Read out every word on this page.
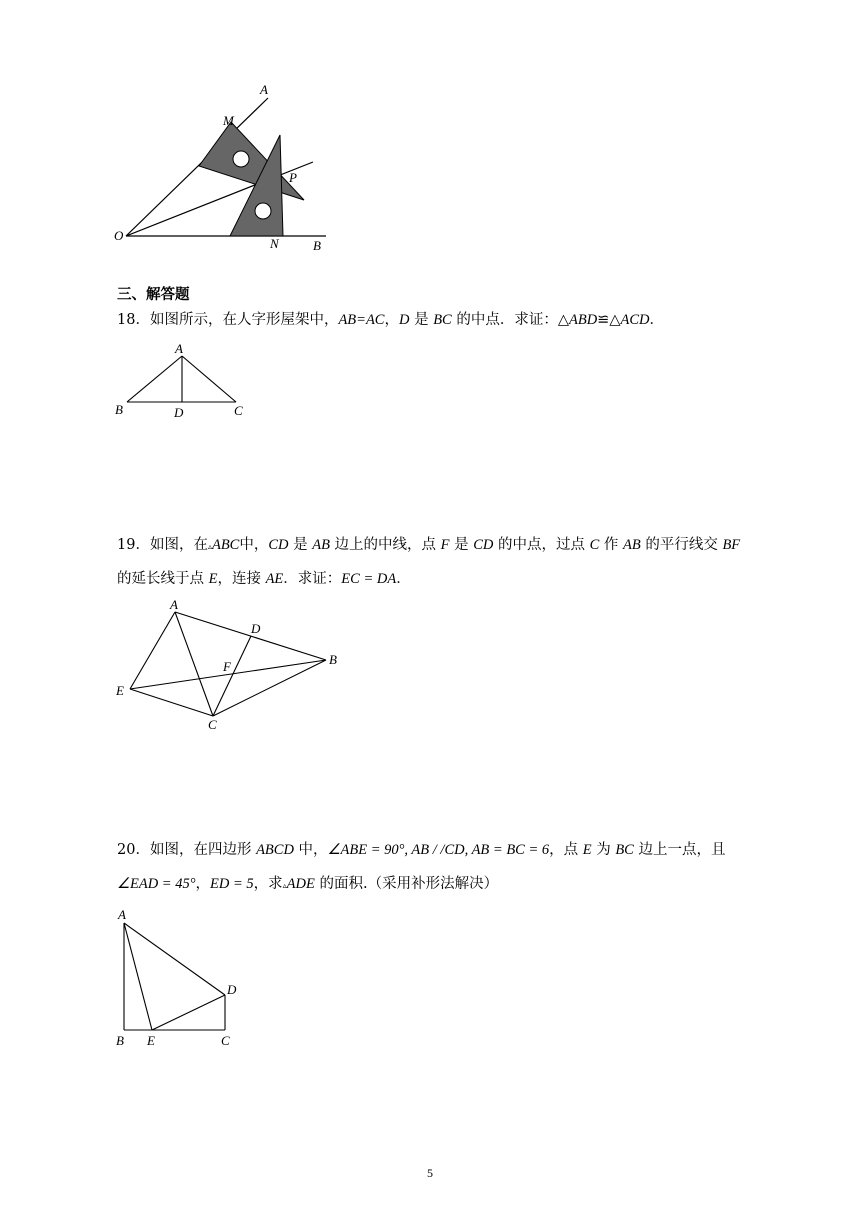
A
M
P
O
N	B
三、解答题
18．如图所示，在人字形屋架中，AB=AC，D 是 BC 的中点．求证：△ABD≌△ACD．
A
B	D	C
19．如图，在▵ABC中，CD 是 AB 边上的中线，点 F 是 CD 的中点，过点 C 作 AB 的平行线交 BF
的延长线于点 E，连接 AE．求证：EC = DA．
A
D
B
F
E
C
20．如图，在四边形 ABCD 中，∠ABE = 90°, AB / /CD, AB = BC = 6，点 E 为 BC 边上一点，且
∠EAD = 45°，ED = 5，求▵ADE 的面积.（采用补形法解决）
A
D
B E	C
5
